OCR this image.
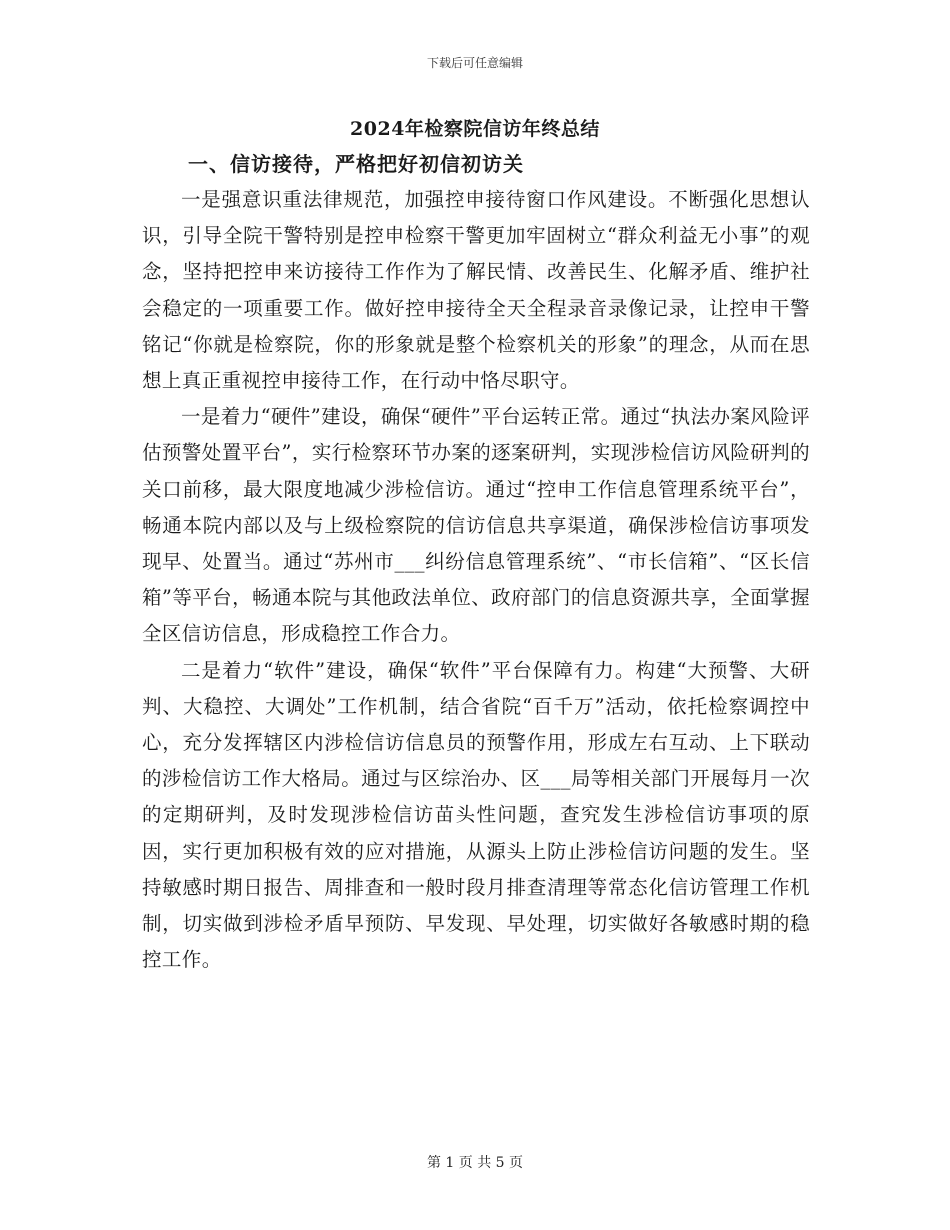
下载后可任意编辑
2024年检察院信访年终总结
一、信访接待，严格把好初信初访关

一是强意识重法律规范，加强控申接待窗口作风建设。不断强化思想认识，引导全院干警特别是控申检察干警更加牢固树立“群众利益无小事”的观念，坚持把控申来访接待工作作为了解民情、改善民生、化解矛盾、维护社会稳定的一项重要工作。做好控申接待全天全程录音录像记录，让控申干警铭记“你就是检察院，你的形象就是整个检察机关的形象”的理念，从而在思想上真正重视控申接待工作，在行动中恪尽职守。

一是着力“硬件”建设，确保“硬件”平台运转正常。通过“执法办案风险评估预警处置平台”，实行检察环节办案的逐案研判，实现涉检信访风险研判的关口前移，最大限度地减少涉检信访。通过“控申工作信息管理系统平台”，畅通本院内部以及与上级检察院的信访信息共享渠道，确保涉检信访事项发现早、处置当。通过“苏州市___纠纷信息管理系统”、“市长信箱”、“区长信箱”等平台，畅通本院与其他政法单位、政府部门的信息资源共享，全面掌握全区信访信息，形成稳控工作合力。

二是着力“软件”建设，确保“软件”平台保障有力。构建“大预警、大研判、大稳控、大调处”工作机制，结合省院“百千万”活动，依托检察调控中心，充分发挥辖区内涉检信访信息员的预警作用，形成左右互动、上下联动的涉检信访工作大格局。通过与区综治办、区___局等相关部门开展每月一次的定期研判，及时发现涉检信访苗头性问题，查究发生涉检信访事项的原因，实行更加积极有效的应对措施，从源头上防止涉检信访问题的发生。坚持敏感时期日报告、周排查和一般时段月排查清理等常态化信访管理工作机制，切实做到涉检矛盾早预防、早发现、早处理，切实做好各敏感时期的稳控工作。

第 1 页 共 5 页
